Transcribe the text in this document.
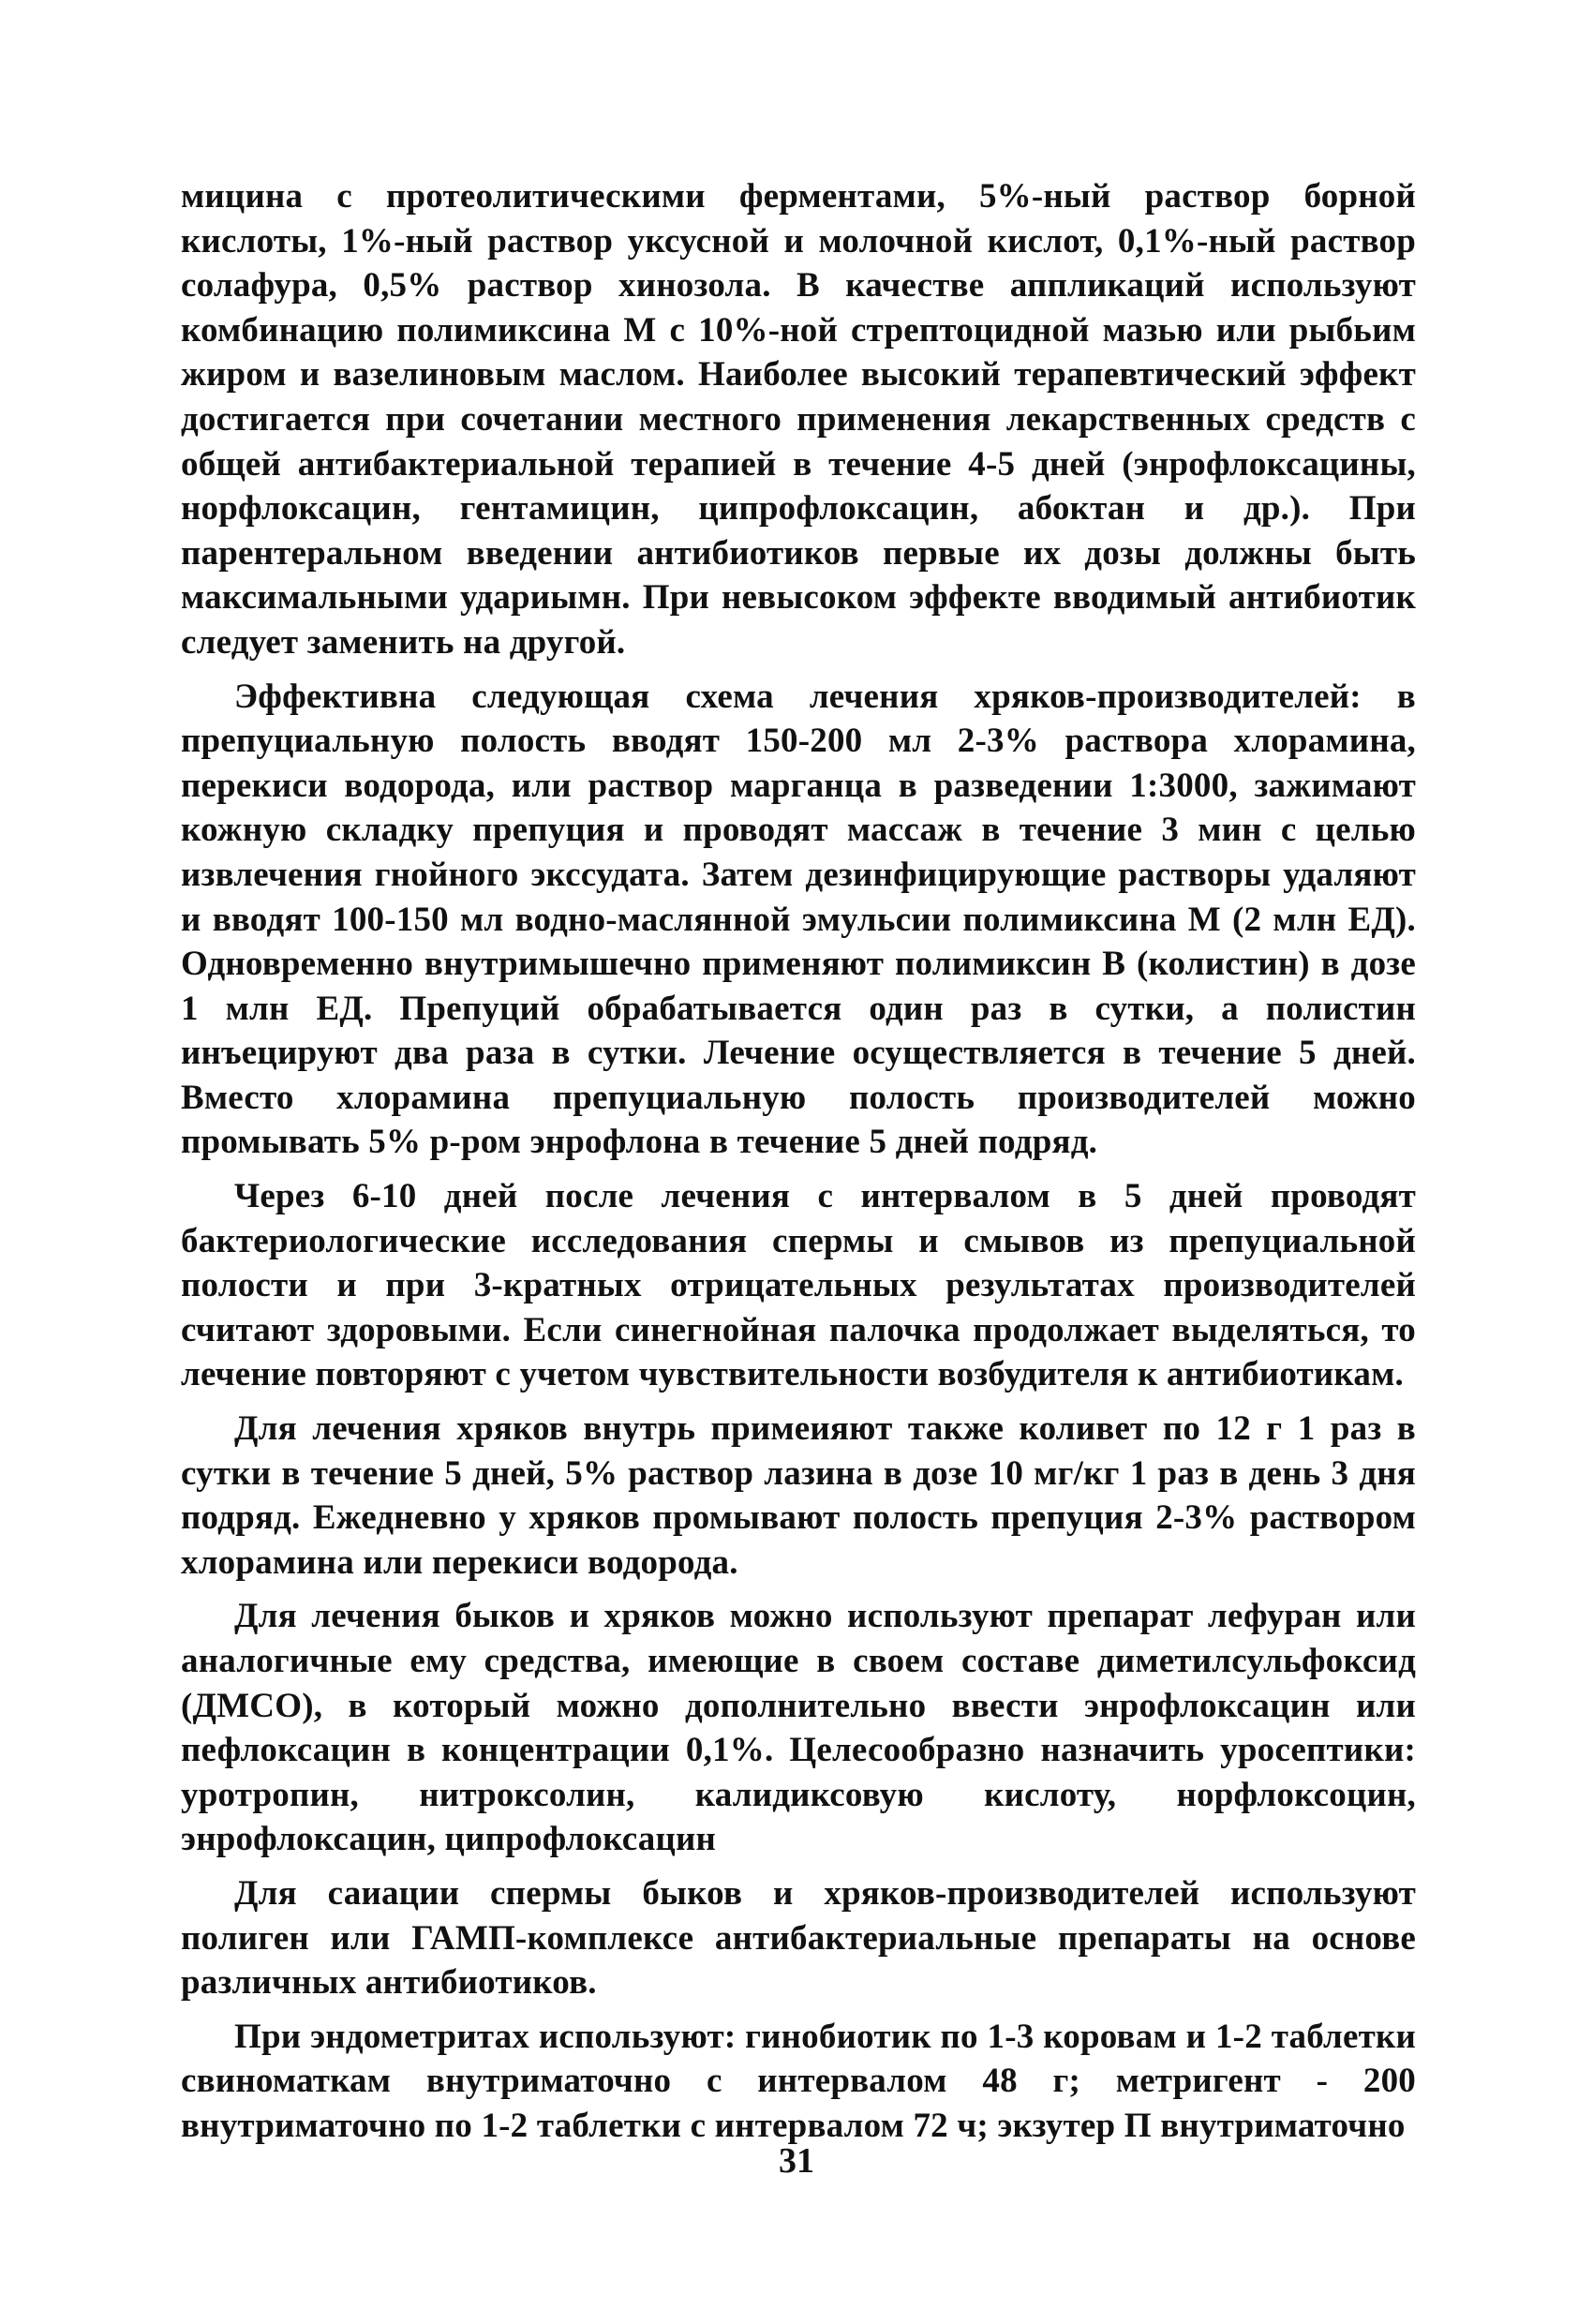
мицина с протеолитическими ферментами, 5%-ный раствор борной кислоты, 1%-ный раствор уксусной и молочной кислот, 0,1%-ный раствор солафура, 0,5% раствор хинозола. В качестве аппликаций используют комбинацию полимиксина М с 10%-ной стрептоцидной мазью или рыбьим жиром и вазелиновым маслом. Наиболее высокий терапевтический эффект достигается при сочетании местного применения лекарственных средств с общей антибактериальной терапией в течение 4-5 дней (энрофлоксацины, норфлоксацин, гентамицин, ципрофлоксацин, абоктан и др.). При парентеральном введении антибиотиков первые их дозы должны быть максимальными удариымн. При невысоком эффекте вводимый антибиотик следует заменить на другой.

Эффективна следующая схема лечения хряков-производителей: в препуциальную полость вводят 150-200 мл 2-3% раствора хлорамина, перекиси водорода, или раствор марганца в разведении 1:3000, зажимают кожную складку препуция и проводят массаж в течение 3 мин с целью извлечения гнойного экссудата. Затем дезинфицирующие растворы удаляют и вводят 100-150 мл водно-маслянной эмульсии полимиксина М (2 млн ЕД). Одновременно внутримышечно применяют полимиксин В (колистин) в дозе 1 млн ЕД. Препуций обрабатывается один раз в сутки, а полистин инъецируют два раза в сутки. Лечение осуществляется в течение 5 дней. Вместо хлорамина препуциальную полость производителей можно промывать 5% р-ром энрофлона в течение 5 дней подряд.

Через 6-10 дней после лечения с интервалом в 5 дней проводят бактериологические исследования спермы и смывов из препуциальной полости и при 3-кратных отрицательных результатах производителей считают здоровыми. Если синегнойная палочка продолжает выделяться, то лечение повторяют с учетом чувствительности возбудителя к антибиотикам.

Для лечения хряков внутрь примеияют также коливет по 12 г 1 раз в сутки в течение 5 дней, 5% раствор лазина в дозе 10 мг/кг 1 раз в день 3 дня подряд. Ежедневно у хряков промывают полость препуция 2-3% раствором хлорамина или перекиси водорода.

Для лечения быков и хряков можно используют препарат лефуран или аналогичные ему средства, имеющие в своем составе диметилсульфоксид (ДМСО), в который можно дополнительно ввести энрофлоксацин или пефлоксацин в концентрации 0,1%. Целесообразно назначить уросептики: уротропин, нитроксолин, калидиксовую кислоту, норфлоксоцин, энрофлоксацин, ципрофлоксацин

Для саиации спермы быков и хряков-производителей используют полиген или ГАМП-комплексе антибактериальные препараты на основе различных антибиотиков.

При эндометритах используют: гинобиотик по 1-3 коровам и 1-2 таблетки свиноматкам внутриматочно с интервалом 48 г; метригент - 200 внутриматочно по 1-2 таблетки с интервалом 72 ч; экзутер П внутриматочно

31
